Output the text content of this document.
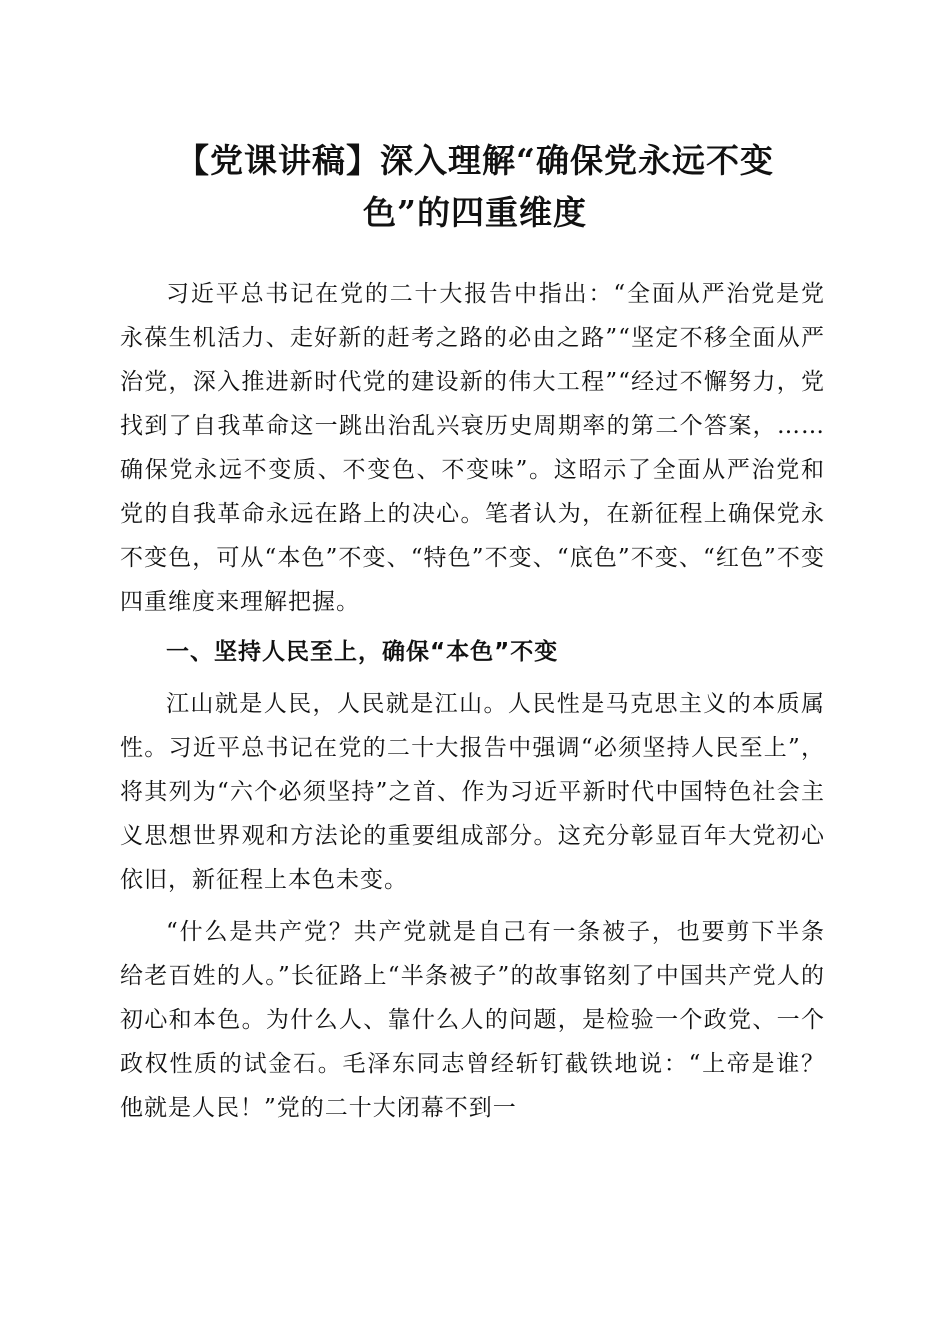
【党课讲稿】深入理解“确保党永远不变
色”的四重维度

习近平总书记在党的二十大报告中指出：“全面从严治党是党永葆生机活力、走好新的赶考之路的必由之路”“坚定不移全面从严治党，深入推进新时代党的建设新的伟大工程”“经过不懈努力，党找到了自我革命这一跳出治乱兴衰历史周期率的第二个答案，……确保党永远不变质、不变色、不变味”。这昭示了全面从严治党和党的自我革命永远在路上的决心。笔者认为，在新征程上确保党永不变色，可从“本色”不变、“特色”不变、“底色”不变、“红色”不变四重维度来理解把握。

一、坚持人民至上，确保“本色”不变

江山就是人民，人民就是江山。人民性是马克思主义的本质属性。习近平总书记在党的二十大报告中强调“必须坚持人民至上”，将其列为“六个必须坚持”之首、作为习近平新时代中国特色社会主义思想世界观和方法论的重要组成部分。这充分彰显百年大党初心依旧，新征程上本色未变。

“什么是共产党？共产党就是自己有一条被子，也要剪下半条给老百姓的人。”长征路上“半条被子”的故事铭刻了中国共产党人的初心和本色。为什么人、靠什么人的问题，是检验一个政党、一个政权性质的试金石。毛泽东同志曾经斩钉截铁地说：“上帝是谁？他就是人民！”党的二十大闭幕不到一
